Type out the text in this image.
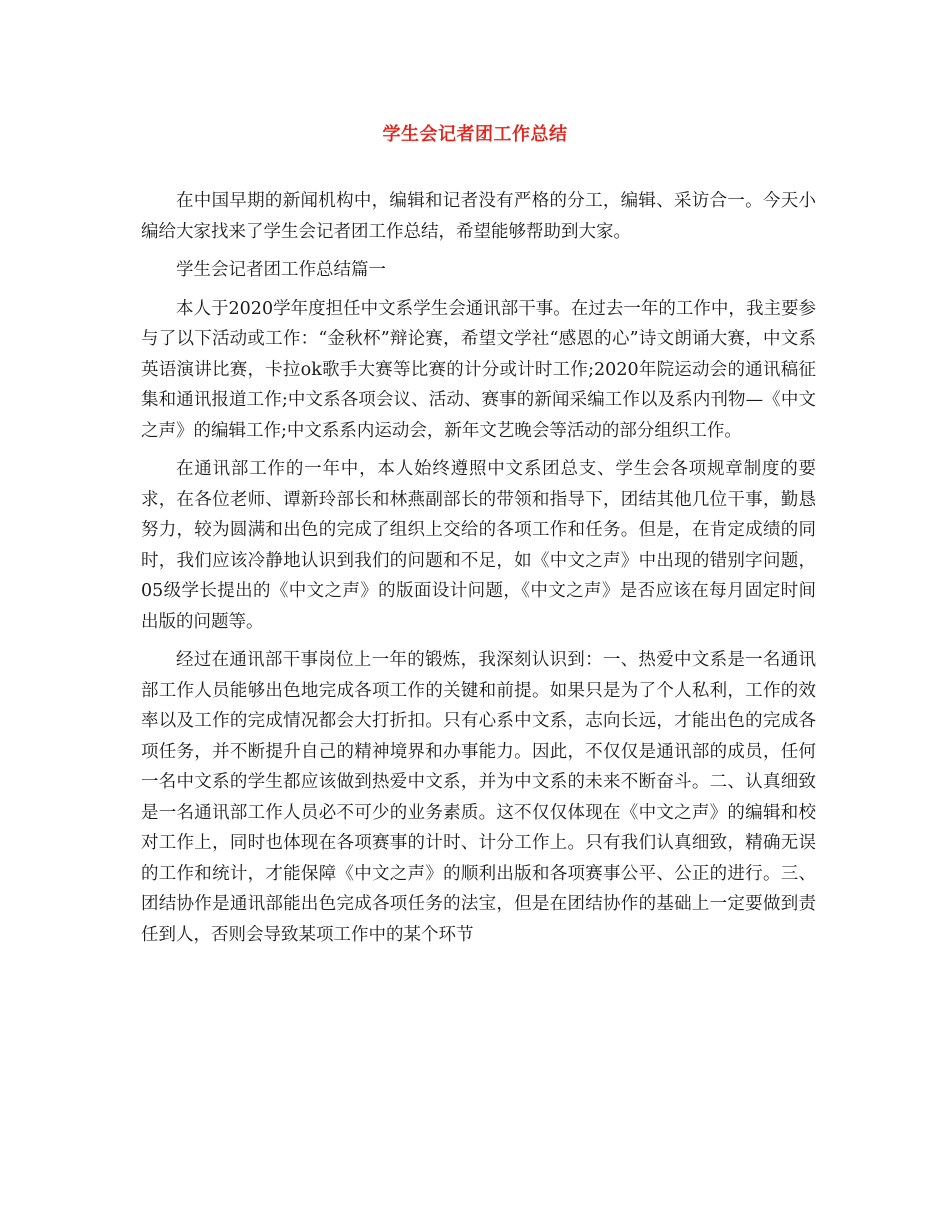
学生会记者团工作总结

在中国早期的新闻机构中，编辑和记者没有严格的分工，编辑、采访合一。今天小编给大家找来了学生会记者团工作总结，希望能够帮助到大家。

学生会记者团工作总结篇一

本人于2020学年度担任中文系学生会通讯部干事。在过去一年的工作中，我主要参与了以下活动或工作：“金秋杯”辩论赛，希望文学社“感恩的心”诗文朗诵大赛，中文系英语演讲比赛，卡拉ok歌手大赛等比赛的计分或计时工作;2020年院运动会的通讯稿征集和通讯报道工作;中文系各项会议、活动、赛事的新闻采编工作以及系内刊物—《中文之声》的编辑工作;中文系系内运动会，新年文艺晚会等活动的部分组织工作。

在通讯部工作的一年中，本人始终遵照中文系团总支、学生会各项规章制度的要求，在各位老师、谭新玲部长和林燕副部长的带领和指导下，团结其他几位干事，勤恳努力，较为圆满和出色的完成了组织上交给的各项工作和任务。但是，在肯定成绩的同时，我们应该冷静地认识到我们的问题和不足，如《中文之声》中出现的错别字问题，05级学长提出的《中文之声》的版面设计问题，《中文之声》是否应该在每月固定时间出版的问题等。

经过在通讯部干事岗位上一年的锻炼，我深刻认识到：一、热爱中文系是一名通讯部工作人员能够出色地完成各项工作的关键和前提。如果只是为了个人私利，工作的效率以及工作的完成情况都会大打折扣。只有心系中文系，志向长远，才能出色的完成各项任务，并不断提升自己的精神境界和办事能力。因此，不仅仅是通讯部的成员，任何一名中文系的学生都应该做到热爱中文系，并为中文系的未来不断奋斗。二、认真细致是一名通讯部工作人员必不可少的业务素质。这不仅仅体现在《中文之声》的编辑和校对工作上，同时也体现在各项赛事的计时、计分工作上。只有我们认真细致，精确无误的工作和统计，才能保障《中文之声》的顺利出版和各项赛事公平、公正的进行。三、团结协作是通讯部能出色完成各项任务的法宝，但是在团结协作的基础上一定要做到责任到人，否则会导致某项工作中的某个环节
